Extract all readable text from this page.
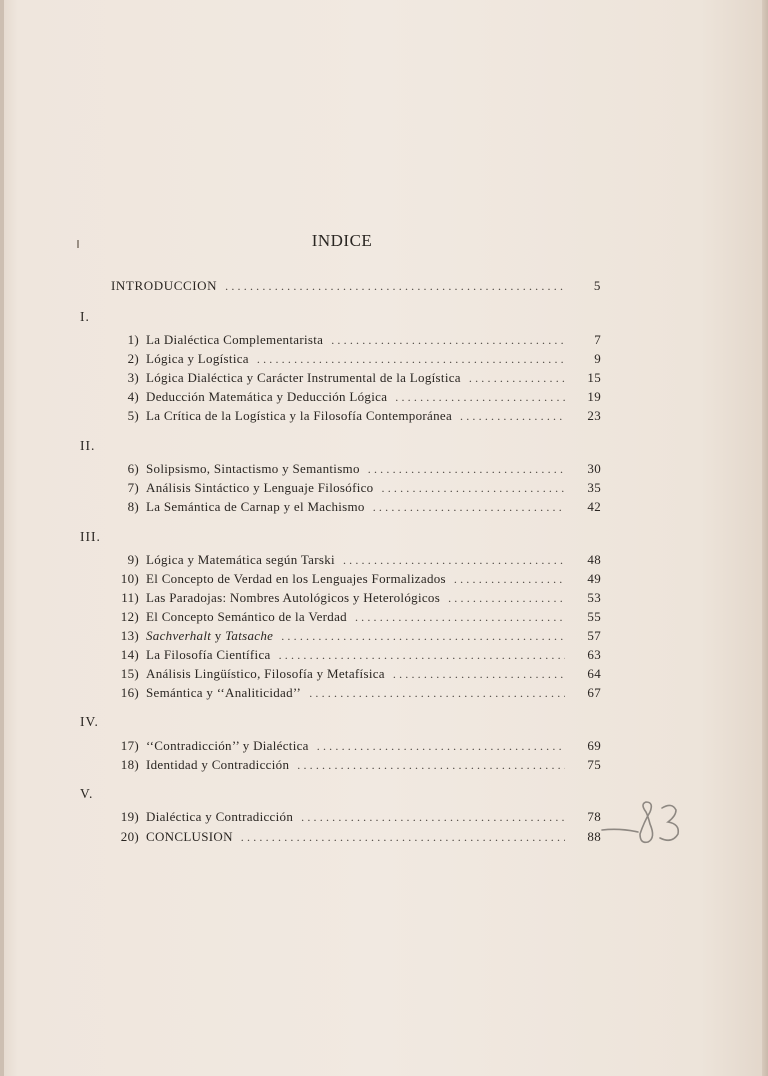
INDICE
INTRODUCCION .....	5
I.
1) La Dialéctica Complementarista .....	7
2) Lógica y Logística .....	9
3) Lógica Dialéctica y Carácter Instrumental de la Logística .....	15
4) Deducción Matemática y Deducción Lógica .....	19
5) La Crítica de la Logística y la Filosofía Contemporánea .....	23
II.
6) Solipsismo, Sintactismo y Semantismo .....	30
7) Análisis Sintáctico y Lenguaje Filosófico .....	35
8) La Semántica de Carnap y el Machismo .....	42
III.
9) Lógica y Matemática según Tarski .....	48
10) El Concepto de Verdad en los Lenguajes Formalizados .....	49
11) Las Paradojas: Nombres Autológicos y Heterológicos .....	53
12) El Concepto Semántico de la Verdad .....	55
13) Sachverhalt y Tatsache .....	57
14) La Filosofía Científica .....	63
15) Análisis Lingüístico, Filosofía y Metafísica .....	64
16) Semántica y ‘‘Analiticidad’’ .....	67
IV.
17) ‘‘Contradicción’’ y Dialéctica .....	69
18) Identidad y Contradicción .....	75
V.
19) Dialéctica y Contradicción .....	78
20) CONCLUSION .....	88
83
